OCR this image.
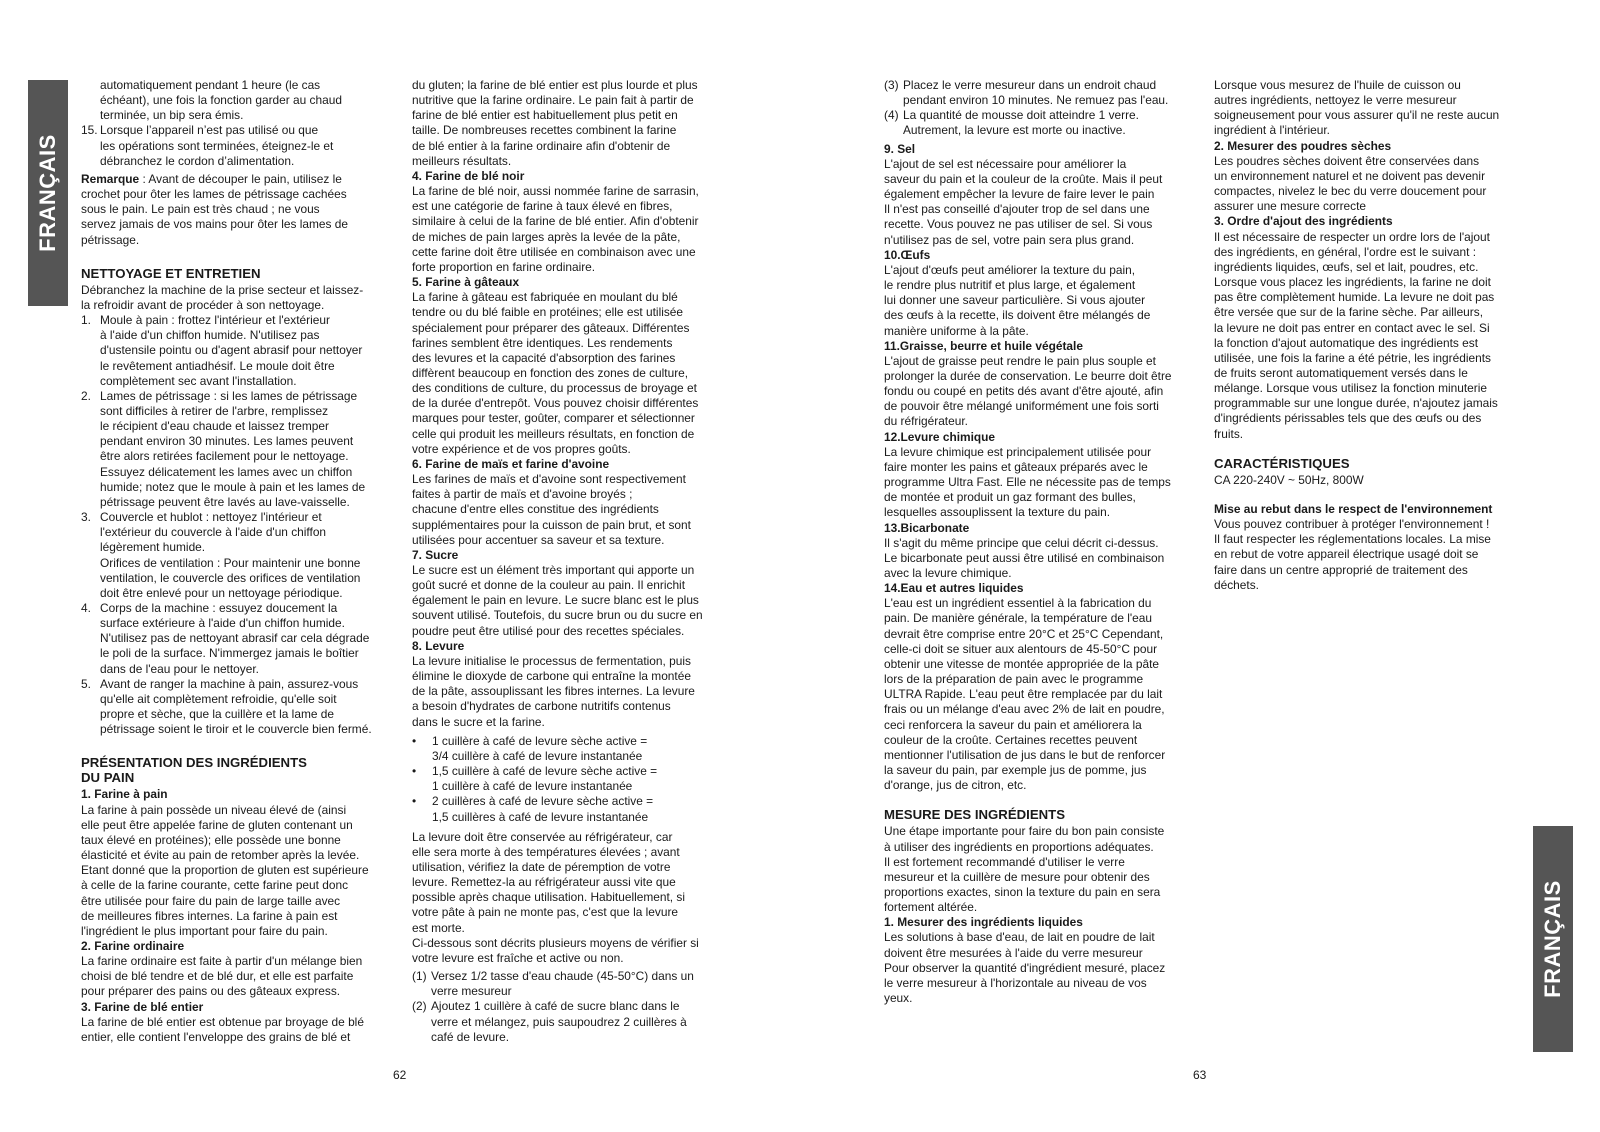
FRANÇAIS
FRANÇAIS

automatiquement pendant 1 heure (le cas

échéant), une fois la fonction garder au chaud

terminée, un bip sera émis.

15. Lorsque l’appareil n’est pas utilisé ou que

les opérations sont terminées, éteignez-le et

débranchez le cordon d’alimentation.

Remarque : Avant de découper le pain, utilisez le

crochet pour ôter les lames de pétrissage cachées

sous le pain. Le pain est très chaud ; ne vous

servez jamais de vos mains pour ôter les lames de

pétrissage.

NETTOYAGE ET ENTRETIEN

Débranchez la machine de la prise secteur et laissez-

la refroidir avant de procéder à son nettoyage.

1. Moule à pain : frottez l'intérieur et l'extérieur

à l'aide d'un chiffon humide. N'utilisez pas

d'ustensile pointu ou d'agent abrasif pour nettoyer

le revêtement antiadhésif. Le moule doit être

complètement sec avant l'installation.

2. Lames de pétrissage : si les lames de pétrissage

sont difficiles à retirer de l'arbre, remplissez

le récipient d'eau chaude et laissez tremper

pendant environ 30 minutes. Les lames peuvent

être alors retirées facilement pour le nettoyage.

Essuyez délicatement les lames avec un chiffon

humide; notez que le moule à pain et les lames de

pétrissage peuvent être lavés au lave-vaisselle.

3. Couvercle et hublot : nettoyez l'intérieur et

l'extérieur du couvercle à l'aide d'un chiffon

légèrement humide.

Orifices de ventilation : Pour maintenir une bonne

ventilation, le couvercle des orifices de ventilation

doit être enlevé pour un nettoyage périodique.

4. Corps de la machine : essuyez doucement la

surface extérieure à l'aide d'un chiffon humide.

N'utilisez pas de nettoyant abrasif car cela dégrade

le poli de la surface. N'immergez jamais le boîtier

dans de l'eau pour le nettoyer.

5. Avant de ranger la machine à pain, assurez-vous

qu'elle ait complètement refroidie, qu'elle soit

propre et sèche, que la cuillère et la lame de

pétrissage soient le tiroir et le couvercle bien fermé.

PRÉSENTATION DES INGRÉDIENTS

DU PAIN

1. Farine à pain

La farine à pain possède un niveau élevé de (ainsi

elle peut être appelée farine de gluten contenant un

taux élevé en protéines); elle possède une bonne

élasticité et évite au pain de retomber après la levée.

Etant donné que la proportion de gluten est supérieure

à celle de la farine courante, cette farine peut donc

être utilisée pour faire du pain de large taille avec

de meilleures fibres internes. La farine à pain est

l'ingrédient le plus important pour faire du pain.

2. Farine ordinaire

La farine ordinaire est faite à partir d'un mélange bien

choisi de blé tendre et de blé dur, et elle est parfaite

pour préparer des pains ou des gâteaux express.

3. Farine de blé entier

La farine de blé entier est obtenue par broyage de blé

entier, elle contient l'enveloppe des grains de blé et

du gluten; la farine de blé entier est plus lourde et plus

nutritive que la farine ordinaire. Le pain fait à partir de

farine de blé entier est habituellement plus petit en

taille. De nombreuses recettes combinent la farine

de blé entier à la farine ordinaire afin d'obtenir de

meilleurs résultats.

4. Farine de blé noir

La farine de blé noir, aussi nommée farine de sarrasin,

est une catégorie de farine à taux élevé en fibres,

similaire à celui de la farine de blé entier. Afin d'obtenir

de miches de pain larges après la levée de la pâte,

cette farine doit être utilisée en combinaison avec une

forte proportion en farine ordinaire.

5. Farine à gâteaux

La farine à gâteau est fabriquée en moulant du blé

tendre ou du blé faible en protéines; elle est utilisée

spécialement pour préparer des gâteaux. Différentes

farines semblent être identiques. Les rendements

des levures et la capacité d'absorption des farines

diffèrent beaucoup en fonction des zones de culture,

des conditions de culture, du processus de broyage et

de la durée d'entrepôt. Vous pouvez choisir différentes

marques pour tester, goûter, comparer et sélectionner

celle qui produit les meilleurs résultats, en fonction de

votre expérience et de vos propres goûts.

6. Farine de maïs et farine d'avoine

Les farines de maïs et d'avoine sont respectivement

faites à partir de maïs et d'avoine broyés ;

chacune d'entre elles constitue des ingrédients

supplémentaires pour la cuisson de pain brut, et sont

utilisées pour accentuer sa saveur et sa texture.

7. Sucre

Le sucre est un élément très important qui apporte un

goût sucré et donne de la couleur au pain. Il enrichit

également le pain en levure. Le sucre blanc est le plus

souvent utilisé. Toutefois, du sucre brun ou du sucre en

poudre peut être utilisé pour des recettes spéciales.

8. Levure

La levure initialise le processus de fermentation, puis

élimine le dioxyde de carbone qui entraîne la montée

de la pâte, assouplissant les fibres internes. La levure

a besoin d'hydrates de carbone nutritifs contenus

dans le sucre et la farine.

•	1 cuillère à café de levure sèche active =

3/4 cuillère à café de levure instantanée

•	1,5 cuillère à café de levure sèche active =

1 cuillère à café de levure instantanée

•	2 cuillères à café de levure sèche active =

1,5 cuillères à café de levure instantanée

La levure doit être conservée au réfrigérateur, car

elle sera morte à des températures élevées ; avant

utilisation, vérifiez la date de péremption de votre

levure. Remettez-la au réfrigérateur aussi vite que

possible après chaque utilisation. Habituellement, si

votre pâte à pain ne monte pas, c'est que la levure

est morte.

Ci-dessous sont décrits plusieurs moyens de vérifier si

votre levure est fraîche et active ou non.

(1) Versez 1/2 tasse d'eau chaude (45-50°C) dans un

verre mesureur

(2) Ajoutez 1 cuillère à café de sucre blanc dans le

verre et mélangez, puis saupoudrez 2 cuillères à

café de levure.

(3) Placez le verre mesureur dans un endroit chaud

pendant environ 10 minutes. Ne remuez pas l'eau.

(4) La quantité de mousse doit atteindre 1 verre.

Autrement, la levure est morte ou inactive.

9. Sel

L'ajout de sel est nécessaire pour améliorer la

saveur du pain et la couleur de la croûte. Mais il peut

également empêcher la levure de faire lever le pain

Il n'est pas conseillé d'ajouter trop de sel dans une

recette. Vous pouvez ne pas utiliser de sel. Si vous

n'utilisez pas de sel, votre pain sera plus grand.

10.Œufs

L'ajout d'œufs peut améliorer la texture du pain,

le rendre plus nutritif et plus large, et également

lui donner une saveur particulière. Si vous ajouter

des œufs à la recette, ils doivent être mélangés de

manière uniforme à la pâte.

11.Graisse, beurre et huile végétale

L'ajout de graisse peut rendre le pain plus souple et

prolonger la durée de conservation. Le beurre doit être

fondu ou coupé en petits dés avant d'être ajouté, afin

de pouvoir être mélangé uniformément une fois sorti

du réfrigérateur.

12.Levure chimique

La levure chimique est principalement utilisée pour

faire monter les pains et gâteaux préparés avec le

programme Ultra Fast. Elle ne nécessite pas de temps

de montée et produit un gaz formant des bulles,

lesquelles assouplissent la texture du pain.

13.Bicarbonate

Il s'agit du même principe que celui décrit ci-dessus.

Le bicarbonate peut aussi être utilisé en combinaison

avec la levure chimique.

14.Eau et autres liquides

L'eau est un ingrédient essentiel à la fabrication du

pain. De manière générale, la température de l'eau

devrait être comprise entre 20°C et 25°C Cependant,

celle-ci doit se situer aux alentours de 45-50°C pour

obtenir une vitesse de montée appropriée de la pâte

lors de la préparation de pain avec le programme

ULTRA Rapide. L'eau peut être remplacée par du lait

frais ou un mélange d'eau avec 2% de lait en poudre,

ceci renforcera la saveur du pain et améliorera la

couleur de la croûte. Certaines recettes peuvent

mentionner l'utilisation de jus dans le but de renforcer

la saveur du pain, par exemple jus de pomme, jus

d'orange, jus de citron, etc.

MESURE DES INGRÉDIENTS

Une étape importante pour faire du bon pain consiste

à utiliser des ingrédients en proportions adéquates.

Il est fortement recommandé d'utiliser le verre

mesureur et la cuillère de mesure pour obtenir des

proportions exactes, sinon la texture du pain en sera

fortement altérée.

1. Mesurer des ingrédients liquides

Les solutions à base d'eau, de lait en poudre de lait

doivent être mesurées à l'aide du verre mesureur

Pour observer la quantité d'ingrédient mesuré, placez

le verre mesureur à l'horizontale au niveau de vos

yeux.

Lorsque vous mesurez de l'huile de cuisson ou

autres ingrédients, nettoyez le verre mesureur

soigneusement pour vous assurer qu'il ne reste aucun

ingrédient à l'intérieur.

2. Mesurer des poudres sèches

Les poudres sèches doivent être conservées dans

un environnement naturel et ne doivent pas devenir

compactes, nivelez le bec du verre doucement pour

assurer une mesure correcte

3. Ordre d'ajout des ingrédients

Il est nécessaire de respecter un ordre lors de l'ajout

des ingrédients, en général, l'ordre est le suivant :

ingrédients liquides, œufs, sel et lait, poudres, etc.

Lorsque vous placez les ingrédients, la farine ne doit

pas être complètement humide. La levure ne doit pas

être versée que sur de la farine sèche. Par ailleurs,

la levure ne doit pas entrer en contact avec le sel. Si

la fonction d'ajout automatique des ingrédients est

utilisée, une fois la farine a été pétrie, les ingrédients

de fruits seront automatiquement versés dans le

mélange. Lorsque vous utilisez la fonction minuterie

programmable sur une longue durée, n'ajoutez jamais

d'ingrédients périssables tels que des œufs ou des

fruits.

CARACTÉRISTIQUES

CA 220-240V ~ 50Hz, 800W

Mise au rebut dans le respect de l'environnement

Vous pouvez contribuer à protéger l'environnement !

Il faut respecter les réglementations locales. La mise

en rebut de votre appareil électrique usagé doit se

faire dans un centre approprié de traitement des

déchets.

62	63
